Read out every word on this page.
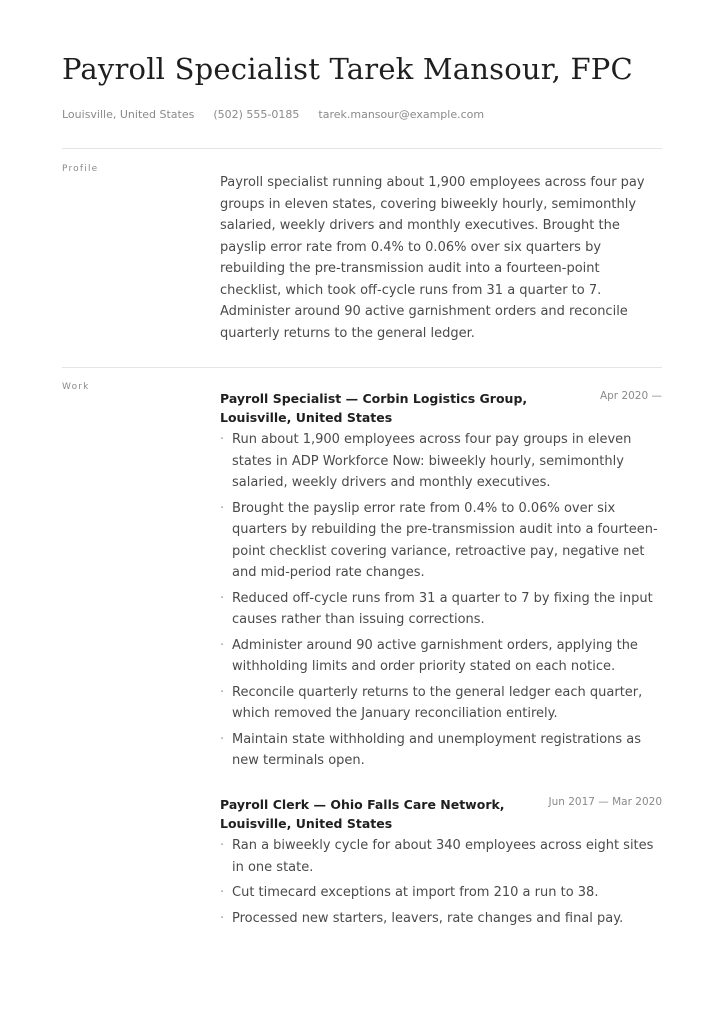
Payroll Specialist Tarek Mansour, FPC
Louisville, United States (502) 555-0185 tarek.mansour@example.com
Profile

Payroll specialist running about 1,900 employees across four pay groups in eleven states, covering biweekly hourly, semimonthly salaried, weekly drivers and monthly executives. Brought the payslip error rate from 0.4% to 0.06% over six quarters by rebuilding the pre-transmission audit into a fourteen-point checklist, which took off-cycle runs from 31 a quarter to 7. Administer around 90 active garnishment orders and reconcile quarterly returns to the general ledger.

Work
Payroll Specialist — Corbin Logistics Group, Louisville, United States
Apr 2020 —
· Run about 1,900 employees across four pay groups in eleven states in ADP Workforce Now: biweekly hourly, semimonthly salaried, weekly drivers and monthly executives.
· Brought the payslip error rate from 0.4% to 0.06% over six quarters by rebuilding the pre-transmission audit into a fourteen-point checklist covering variance, retroactive pay, negative net and mid-period rate changes.
· Reduced off-cycle runs from 31 a quarter to 7 by fixing the input causes rather than issuing corrections.
· Administer around 90 active garnishment orders, applying the withholding limits and order priority stated on each notice.
· Reconcile quarterly returns to the general ledger each quarter, which removed the January reconciliation entirely.
· Maintain state withholding and unemployment registrations as new terminals open.
Payroll Clerk — Ohio Falls Care Network, Louisville, United States
Jun 2017 — Mar 2020
· Ran a biweekly cycle for about 340 employees across eight sites in one state.
· Cut timecard exceptions at import from 210 a run to 38.
· Processed new starters, leavers, rate changes and final pay.
